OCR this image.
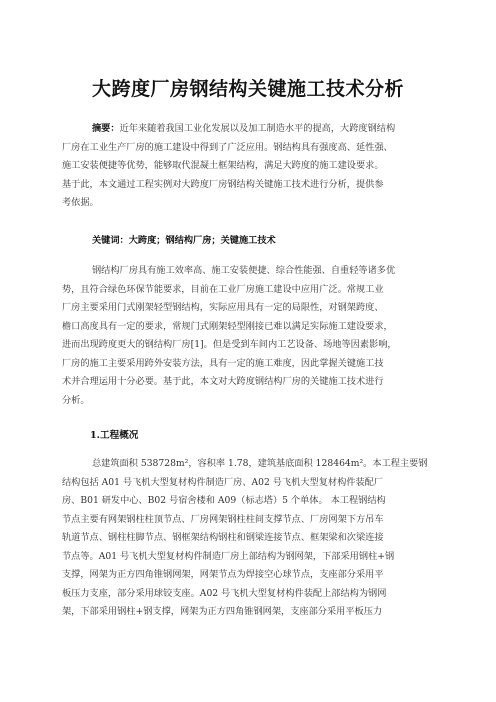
大跨度厂房钢结构关键施工技术分析
摘要：近年来随着我国工业化发展以及加工制造水平的提高，大跨度钢结构
厂房在工业生产厂房的施工建设中得到了广泛应用。钢结构具有强度高、延性强、
施工安装便捷等优势，能够取代混凝土框架结构，满足大跨度的施工建设要求。
基于此，本文通过工程实例对大跨度厂房钢结构关键施工技术进行分析，提供参
考依据。
关键词：大跨度；钢结构厂房；关键施工技术
钢结构厂房具有施工效率高、施工安装便捷、综合性能强、自重轻等诸多优
势，且符合绿色环保节能要求，目前在工业厂房施工建设中应用广泛。常规工业
厂房主要采用门式刚架轻型钢结构，实际应用具有一定的局限性，对钢架跨度、
檐口高度具有一定的要求，常规门式刚架轻型刚接已难以满足实际施工建设要求，
进而出现跨度更大的钢结构厂房[1]。但是受到车间内工艺设备、场地等因素影响，
厂房的施工主要采用跨外安装方法，具有一定的施工难度，因此掌握关键施工技
术并合理运用十分必要。基于此，本文对大跨度钢结构厂房的关键施工技术进行
分析。
1.工程概况
总建筑面积 538728m²，容积率 1.78，建筑基底面积 128464m²。本工程主要钢
结构包括 A01 号飞机大型复材构件制造厂房、A02 号飞机大型复材构件装配厂
房、B01 研发中心、B02 号宿舍楼和 A09（标志塔）5 个单体。 本工程钢结构
节点主要有网架钢柱柱顶节点、厂房网架钢柱柱间支撑节点、厂房网架下方吊车
轨道节点、钢柱柱脚节点、钢框架结构钢柱和钢梁连接节点、框架梁和次梁连接
节点等。A01 号飞机大型复材构件制造厂房上部结构为钢网架，下部采用钢柱+钢
支撑，网架为正方四角锥钢网架，网架节点为焊接空心球节点，支座部分采用平
板压力支座，部分采用球铰支座。A02 号飞机大型复材构件装配上部结构为钢网
架，下部采用钢柱+钢支撑，网架为正方四角锥钢网架，支座部分采用平板压力
